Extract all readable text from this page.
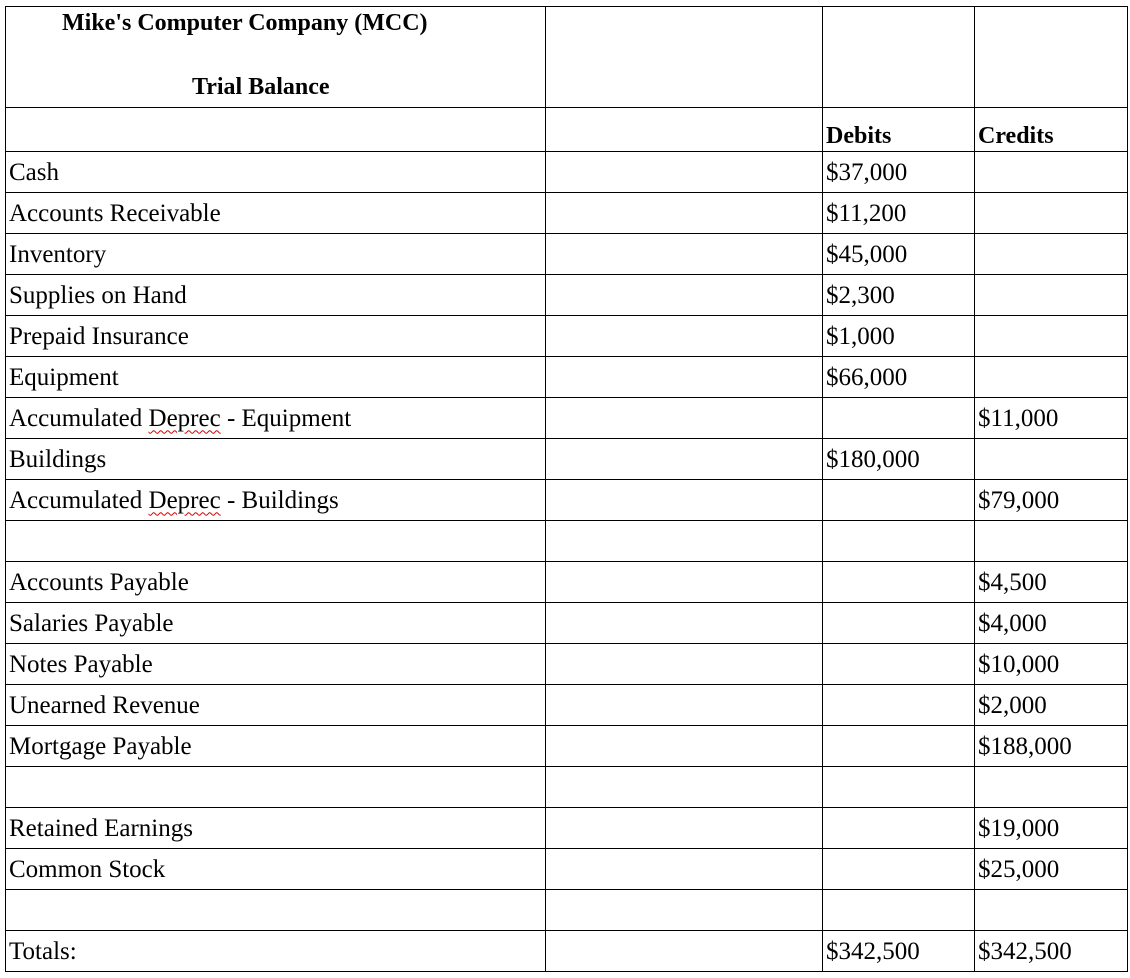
Mike's Computer Company (MCC)
Trial Balance			

		Debits	Credits
Cash		$37,000	
Accounts Receivable		$11,200	
Inventory		$45,000	
Supplies on Hand		$2,300	
Prepaid Insurance		$1,000	
Equipment		$66,000	
Accumulated Deprec - Equipment			$11,000
Buildings		$180,000	
Accumulated Deprec - Buildings			$79,000

Accounts Payable			$4,500
Salaries Payable			$4,000
Notes Payable			$10,000
Unearned Revenue			$2,000
Mortgage Payable			$188,000

Retained Earnings			$19,000
Common Stock			$25,000

Totals:		$342,500	$342,500
